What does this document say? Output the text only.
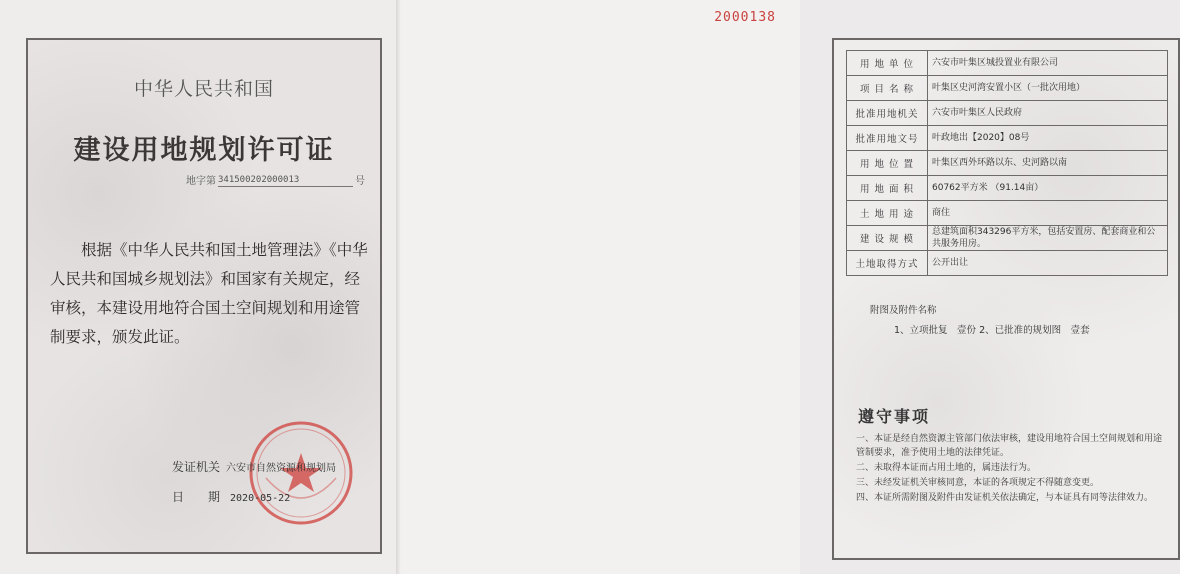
中华人民共和国
建设用地规划许可证
地字第 341500202000013	号
根据《中华人民共和国土地管理法》《中华人民共和国城乡规划法》和国家有关规定，经审核，本建设用地符合国土空间规划和用途管制要求，颁发此证。
发证机关 六安市自然资源和规划局
日　　期 2020-05-22
2000138
用 地 单 位	六安市叶集区城投置业有限公司
项 目 名 称	叶集区史河湾安置小区（一批次用地）
批准用地机关	六安市叶集区人民政府
批准用地文号	叶政地出【2020】08号
用 地 位 置	叶集区西外环路以东、史河路以南
用 地 面 积	60762平方米 （91.14亩）
土 地 用 途	商住
建 设 规 模	总建筑面积343296平方米，包括安置房、配套商业和公共服务用房。
土地取得方式	公开出让
附图及附件名称
1、立项批复　壹份 2、已批准的规划图　壹套
遵守事项

一、本证是经自然资源主管部门依法审核，建设用地符合国土空间规划和用途管制要求，准予使用土地的法律凭证。

二、未取得本证而占用土地的，属违法行为。

三、未经发证机关审核同意，本证的各项规定不得随意变更。

四、本证所需附图及附件由发证机关依法确定，与本证具有同等法律效力。
